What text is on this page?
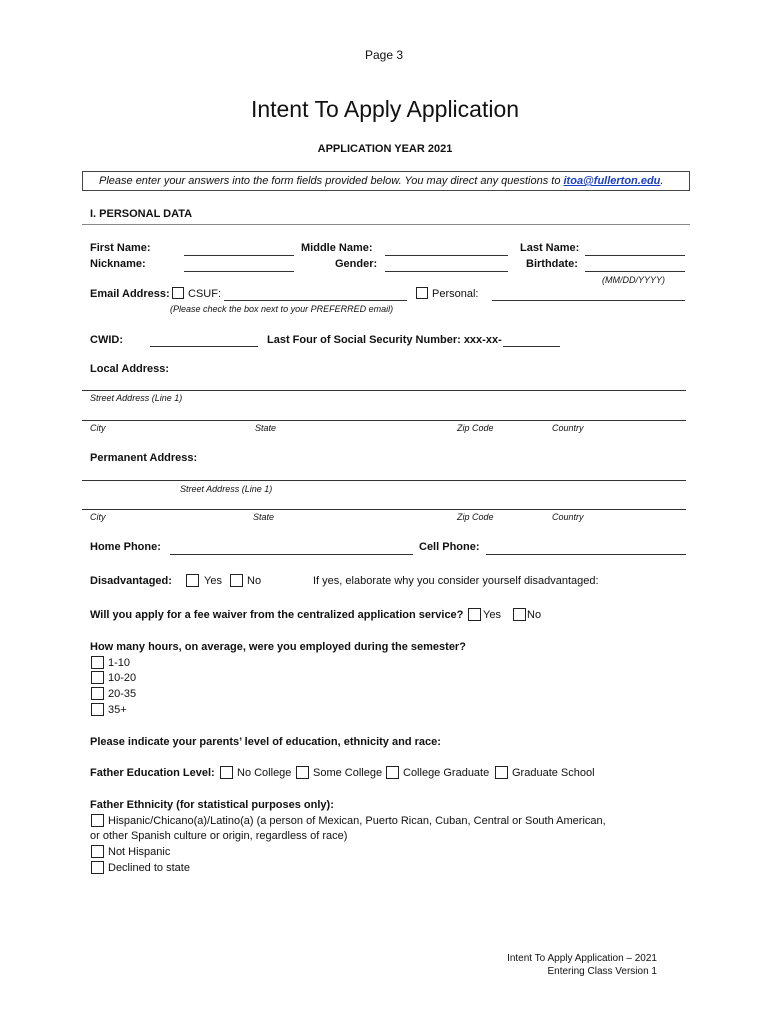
Page 3
Intent To Apply Application
APPLICATION YEAR 2021
Please enter your answers into the form fields provided below. You may direct any questions to itoa@fullerton.edu.
I. PERSONAL DATA
First Name:	Middle Name:	Last Name:
Nickname:	Gender:	Birthdate:
(MM/DD/YYYY)
Email Address: CSUF:	Personal:
(Please check the box next to your PREFERRED email)
CWID:	Last Four of Social Security Number: xxx-xx-
Local Address:
Street Address (Line 1)
City	State	Zip Code	Country
Permanent Address:
Street Address (Line 1)
City	State	Zip Code	Country
Home Phone:	Cell Phone:
Disadvantaged:	Yes No	If yes, elaborate why you consider yourself disadvantaged:
Will you apply for a fee waiver from the centralized application service? Yes No
How many hours, on average, were you employed during the semester?
1-10
10-20
20-35
35+
Please indicate your parents’ level of education, ethnicity and race:
Father Education Level: No College Some College College Graduate Graduate School
Father Ethnicity (for statistical purposes only):
Hispanic/Chicano(a)/Latino(a) (a person of Mexican, Puerto Rican, Cuban, Central or South American,
or other Spanish culture or origin, regardless of race)
Not Hispanic
Declined to state
Intent To Apply Application – 2021
Entering Class Version 1
